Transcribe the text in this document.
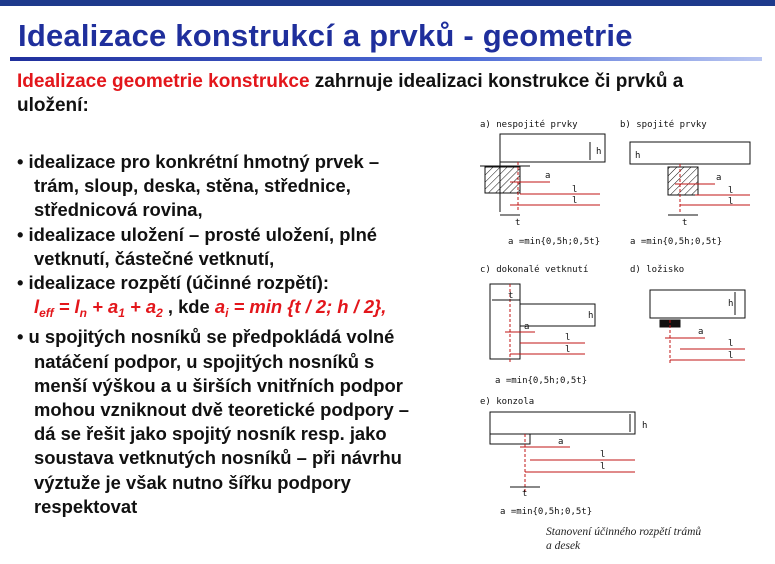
Idealizace konstrukcí a prvků - geometrie
Idealizace geometrie konstrukce zahrnuje idealizaci konstrukce či prvků a
uložení:
• idealizace pro konkrétní hmotný prvek –
trám, sloup, deska, stěna, střednice,
střednicová rovina,
• idealizace uložení – prosté uložení, plné
vetknutí, částečné vetknutí,
• idealizace rozpětí (účinné rozpětí):
$l_{eff} = l_n + a_1 + a_2$ , kde $a_i = \min \{t / 2$; h / 2},
• u spojitých nosníků se předpokládá volné
natáčení podpor, u spojitých nosníků s
menší výškou a u širších vnitřních podpor
mohou vzniknout dvě teoretické podpory –
dá se řešit jako spojitý nosník resp. jako
soustava vetknutých nosníků – při návrhu
výztuže je však nutno šířku podpory
respektovat
a) nespojité prvky
h
a
l
l
t
a =min{0,5h;0,5t}
b) spojité prvky
h
a
l
l
t
a =min{0,5h;0,5t}
c) dokonalé vetknutí
t
h
a
l
l
a =min{0,5h;0,5t}
d) ložisko
h
a
l
l
e) konzola
h
a
l
l
t
a =min{0,5h;0,5t}
Stanovení účinného rozpětí trámů
a desek
